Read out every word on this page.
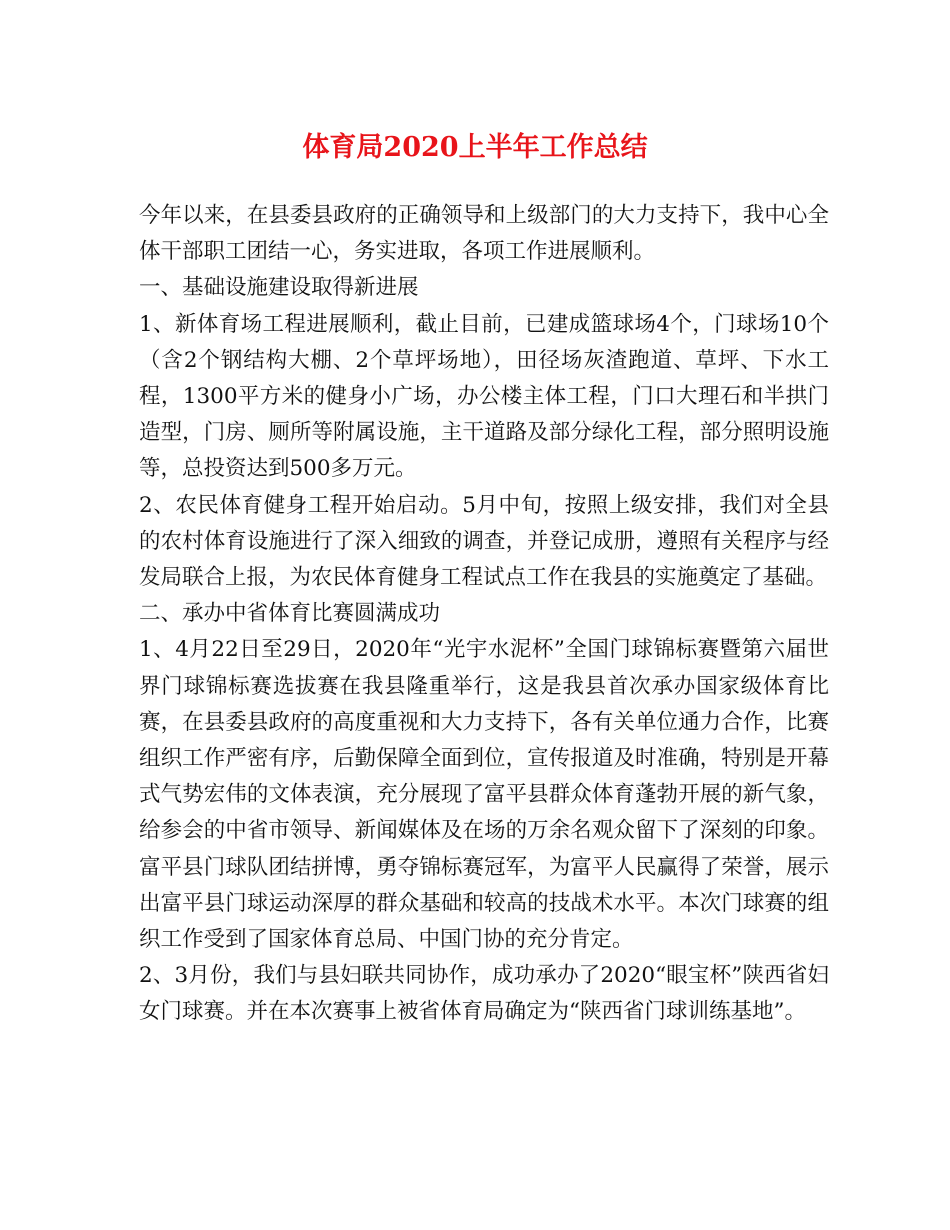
体育局2020上半年工作总结

今年以来，在县委县政府的正确领导和上级部门的大力支持下，我中心全体干部职工团结一心，务实进取，各项工作进展顺利。

一、基础设施建设取得新进展

1、新体育场工程进展顺利，截止目前，已建成篮球场4个，门球场10个（含2个钢结构大棚、2个草坪场地），田径场灰渣跑道、草坪、下水工程，1300平方米的健身小广场，办公楼主体工程，门口大理石和半拱门造型，门房、厕所等附属设施，主干道路及部分绿化工程，部分照明设施等，总投资达到500多万元。

2、农民体育健身工程开始启动。5月中旬，按照上级安排，我们对全县的农村体育设施进行了深入细致的调查，并登记成册，遵照有关程序与经发局联合上报，为农民体育健身工程试点工作在我县的实施奠定了基础。

二、承办中省体育比赛圆满成功

1、4月22日至29日，2020年“光宇水泥杯”全国门球锦标赛暨第六届世界门球锦标赛选拔赛在我县隆重举行，这是我县首次承办国家级体育比赛，在县委县政府的高度重视和大力支持下，各有关单位通力合作，比赛组织工作严密有序，后勤保障全面到位，宣传报道及时准确，特别是开幕式气势宏伟的文体表演，充分展现了富平县群众体育蓬勃开展的新气象，给参会的中省市领导、新闻媒体及在场的万余名观众留下了深刻的印象。富平县门球队团结拼博，勇夺锦标赛冠军，为富平人民赢得了荣誉，展示出富平县门球运动深厚的群众基础和较高的技战术水平。本次门球赛的组织工作受到了国家体育总局、中国门协的充分肯定。

2、3月份，我们与县妇联共同协作，成功承办了2020“眼宝杯”陕西省妇女门球赛。并在本次赛事上被省体育局确定为“陕西省门球训练基地”。
